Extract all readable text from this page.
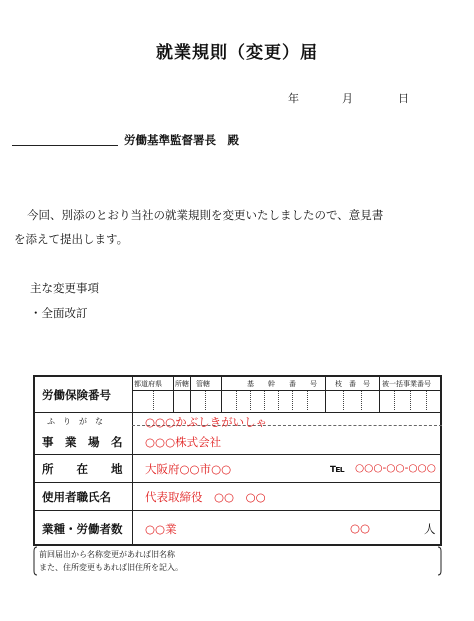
就業規則（変更）届
年	月	日
労働基準監督署長　殿
今回、別添のとおり当社の就業規則を変更いたしましたので、意見書
を添えて提出します。
主な変更事項
・全面改訂
都道府県 所轄 管轄	基　　幹　　番　　号	枝　番　号 被一括事業番号
労働保険番号
ふ　り　が　な	○○○かぶしきがいしゃ
事　業　場　名 ○○○株式会社
所　　在　　地 大阪府○○市○○	℡ ○○○-○○-○○○
使用者職氏名	代表取締役　○○　○○
業種・労働者数 ○○業	○○	人
前回届出から名称変更があれば旧名称
また、住所変更もあれば旧住所を記入。
